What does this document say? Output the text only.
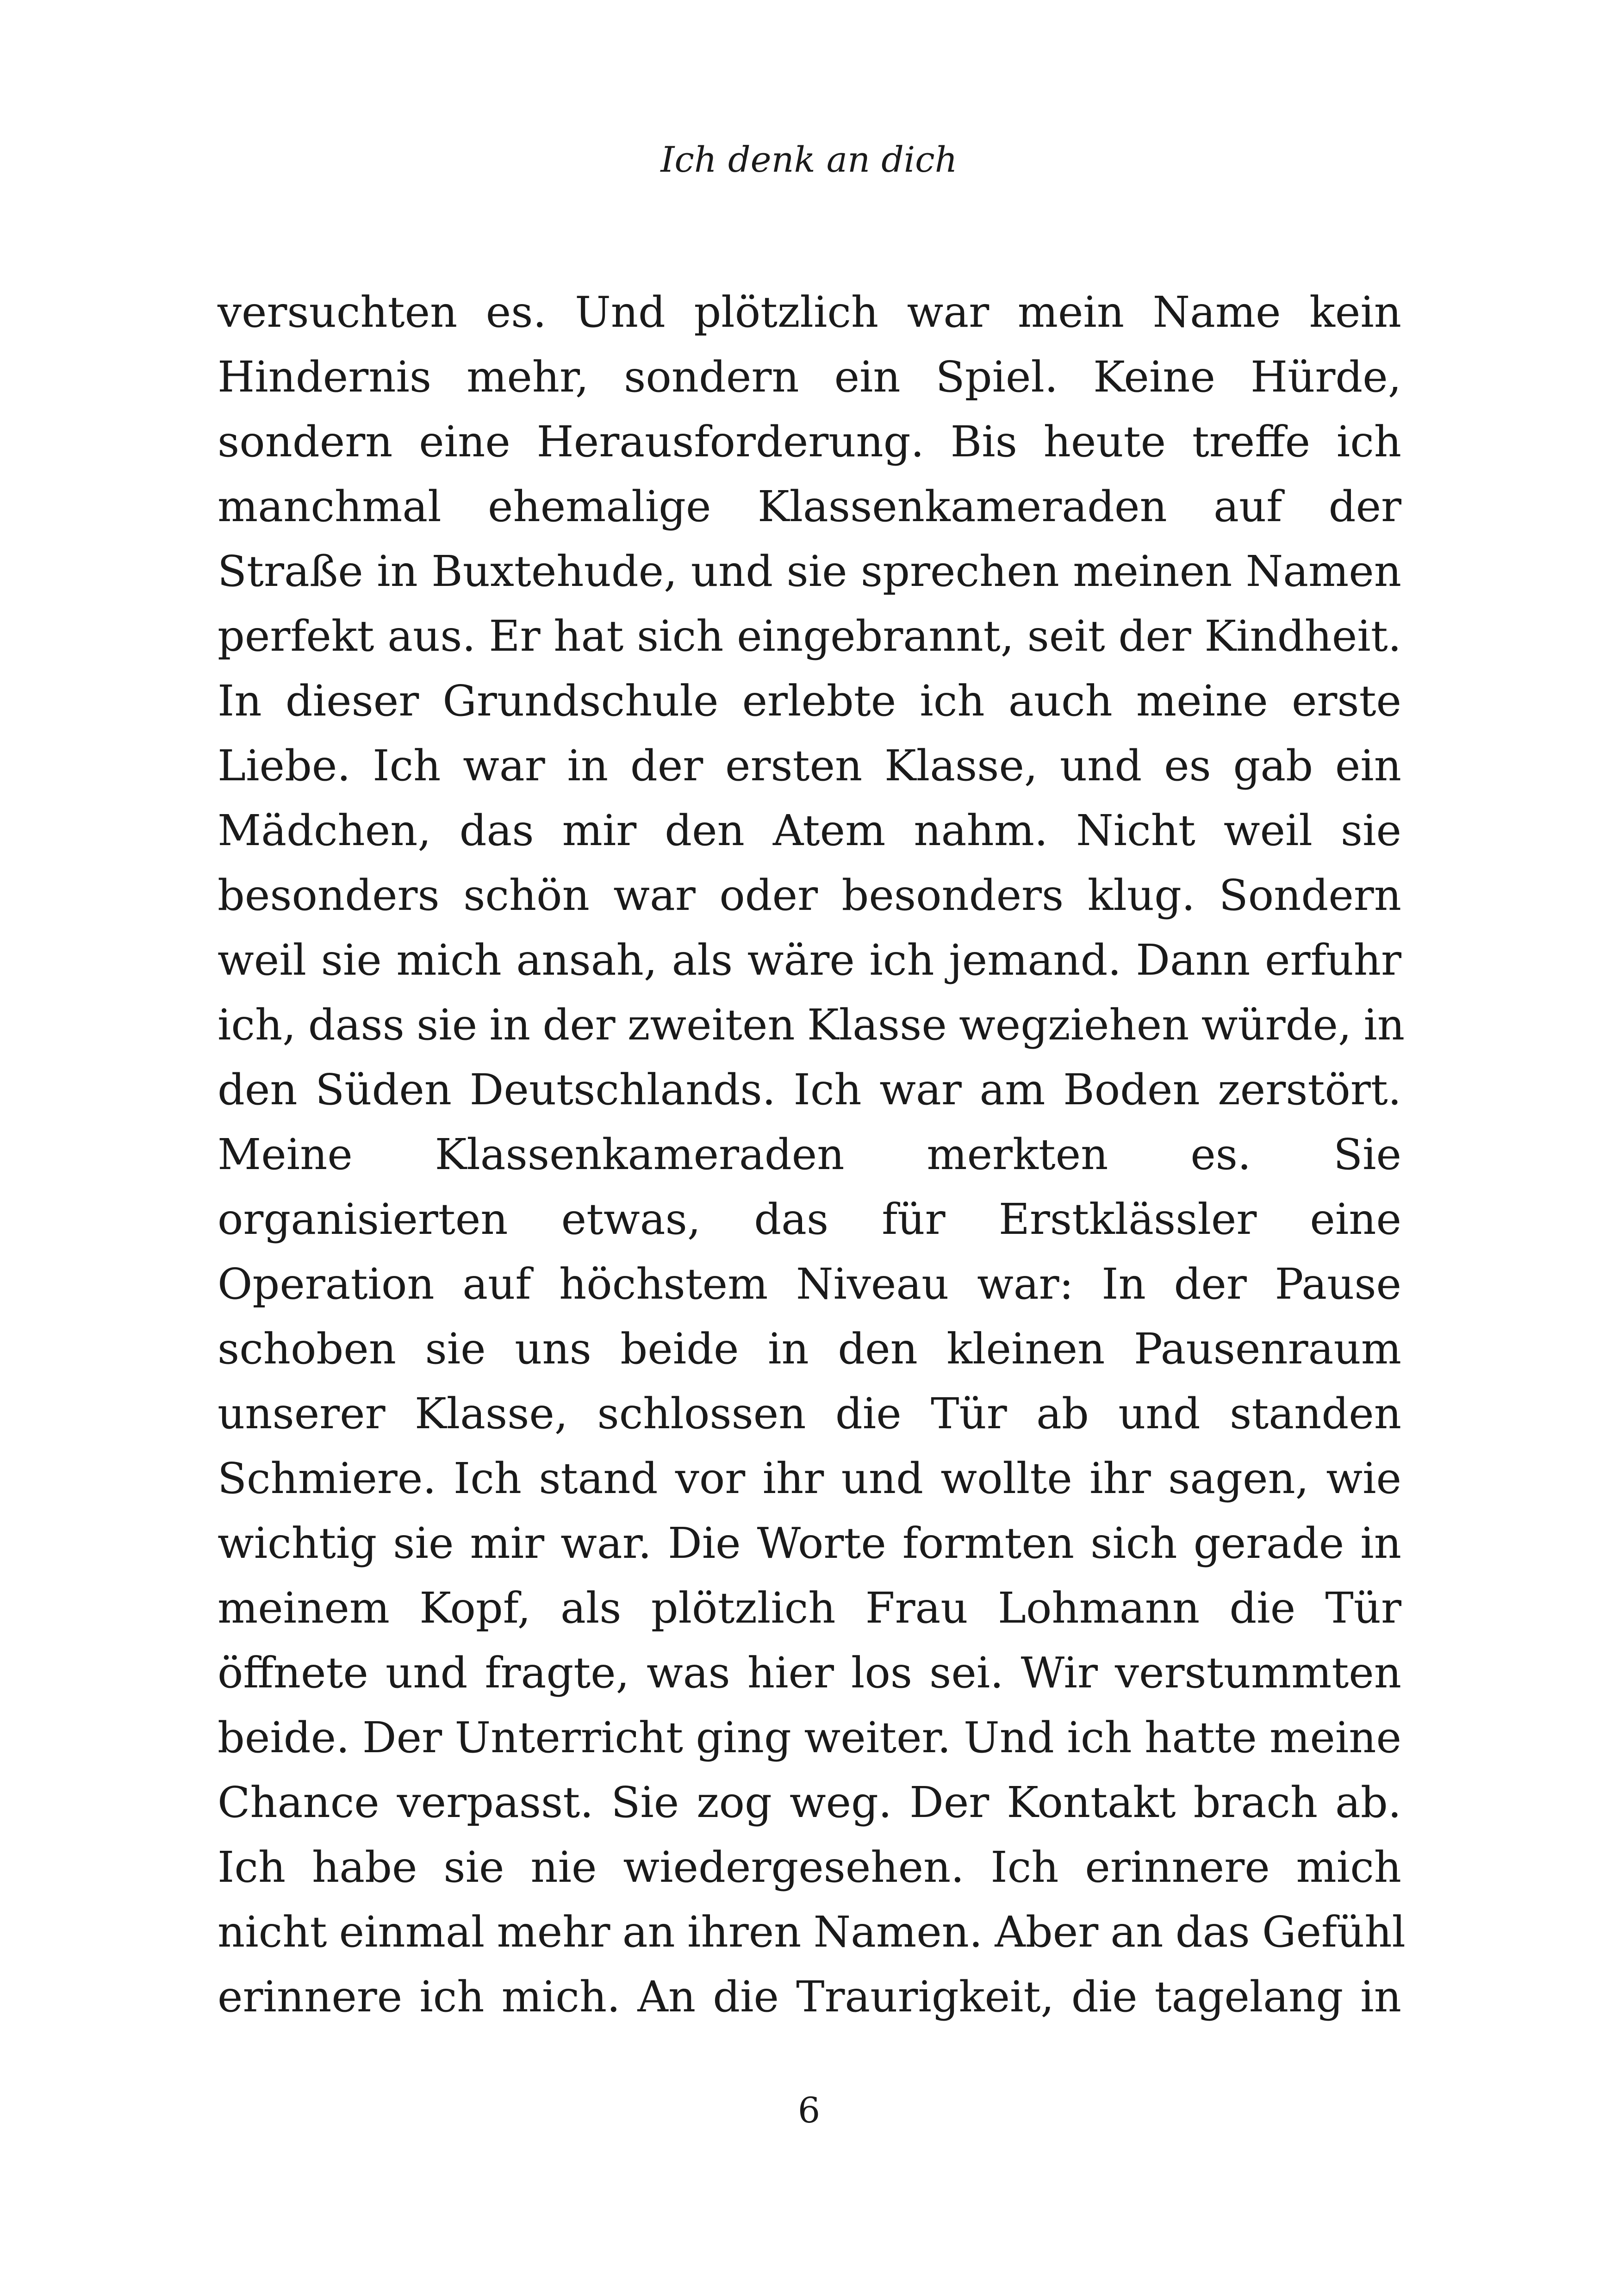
Ich denk an dich
versuchten es. Und plötzlich war mein Name kein
Hindernis mehr, sondern ein Spiel. Keine Hürde,
sondern eine Herausforderung. Bis heute treffe ich
manchmal ehemalige Klassenkameraden auf der
Straße in Buxtehude, und sie sprechen meinen Namen
perfekt aus. Er hat sich eingebrannt, seit der Kindheit.
In dieser Grundschule erlebte ich auch meine erste
Liebe. Ich war in der ersten Klasse, und es gab ein
Mädchen, das mir den Atem nahm. Nicht weil sie
besonders schön war oder besonders klug. Sondern
weil sie mich ansah, als wäre ich jemand. Dann erfuhr
ich, dass sie in der zweiten Klasse wegziehen würde, in
den Süden Deutschlands. Ich war am Boden zerstört.
Meine Klassenkameraden merkten es. Sie
organisierten etwas, das für Erstklässler eine
Operation auf höchstem Niveau war: In der Pause
schoben sie uns beide in den kleinen Pausenraum
unserer Klasse, schlossen die Tür ab und standen
Schmiere. Ich stand vor ihr und wollte ihr sagen, wie
wichtig sie mir war. Die Worte formten sich gerade in
meinem Kopf, als plötzlich Frau Lohmann die Tür
öffnete und fragte, was hier los sei. Wir verstummten
beide. Der Unterricht ging weiter. Und ich hatte meine
Chance verpasst. Sie zog weg. Der Kontakt brach ab.
Ich habe sie nie wiedergesehen. Ich erinnere mich
nicht einmal mehr an ihren Namen. Aber an das Gefühl
erinnere ich mich. An die Traurigkeit, die tagelang in
6
